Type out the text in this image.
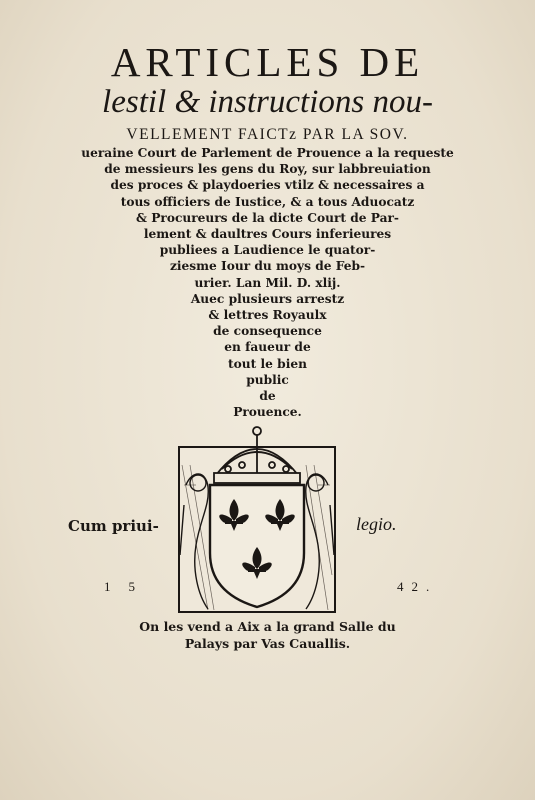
ARTICLES DE
lestil & instructions nou-
VELLEMENT FAICTz PAR LA SOV.
ueraine Court de Parlement de Prouence a la requeste
de messieurs les gens du Roy, sur labbreuiation
des proces & playdoeries vtilz & necessaires a
tous officiers de Iustice, & a tous Aduocatz
& Procureurs de la dicte Court de Par-
lement & daultres Cours inferieures
publiees a Laudience le quator-
ziesme Iour du moys de Feb-
urier. Lan Mil. D. xlij.
Auec plusieurs arrestz
& lettres Royaulx
de consequence
en faueur de
tout le bien
public
de
Prouence.
Cum priui-	legio.
15	42.
On les vend a Aix a la grand Salle du
Palays par Vas Cauallis.
